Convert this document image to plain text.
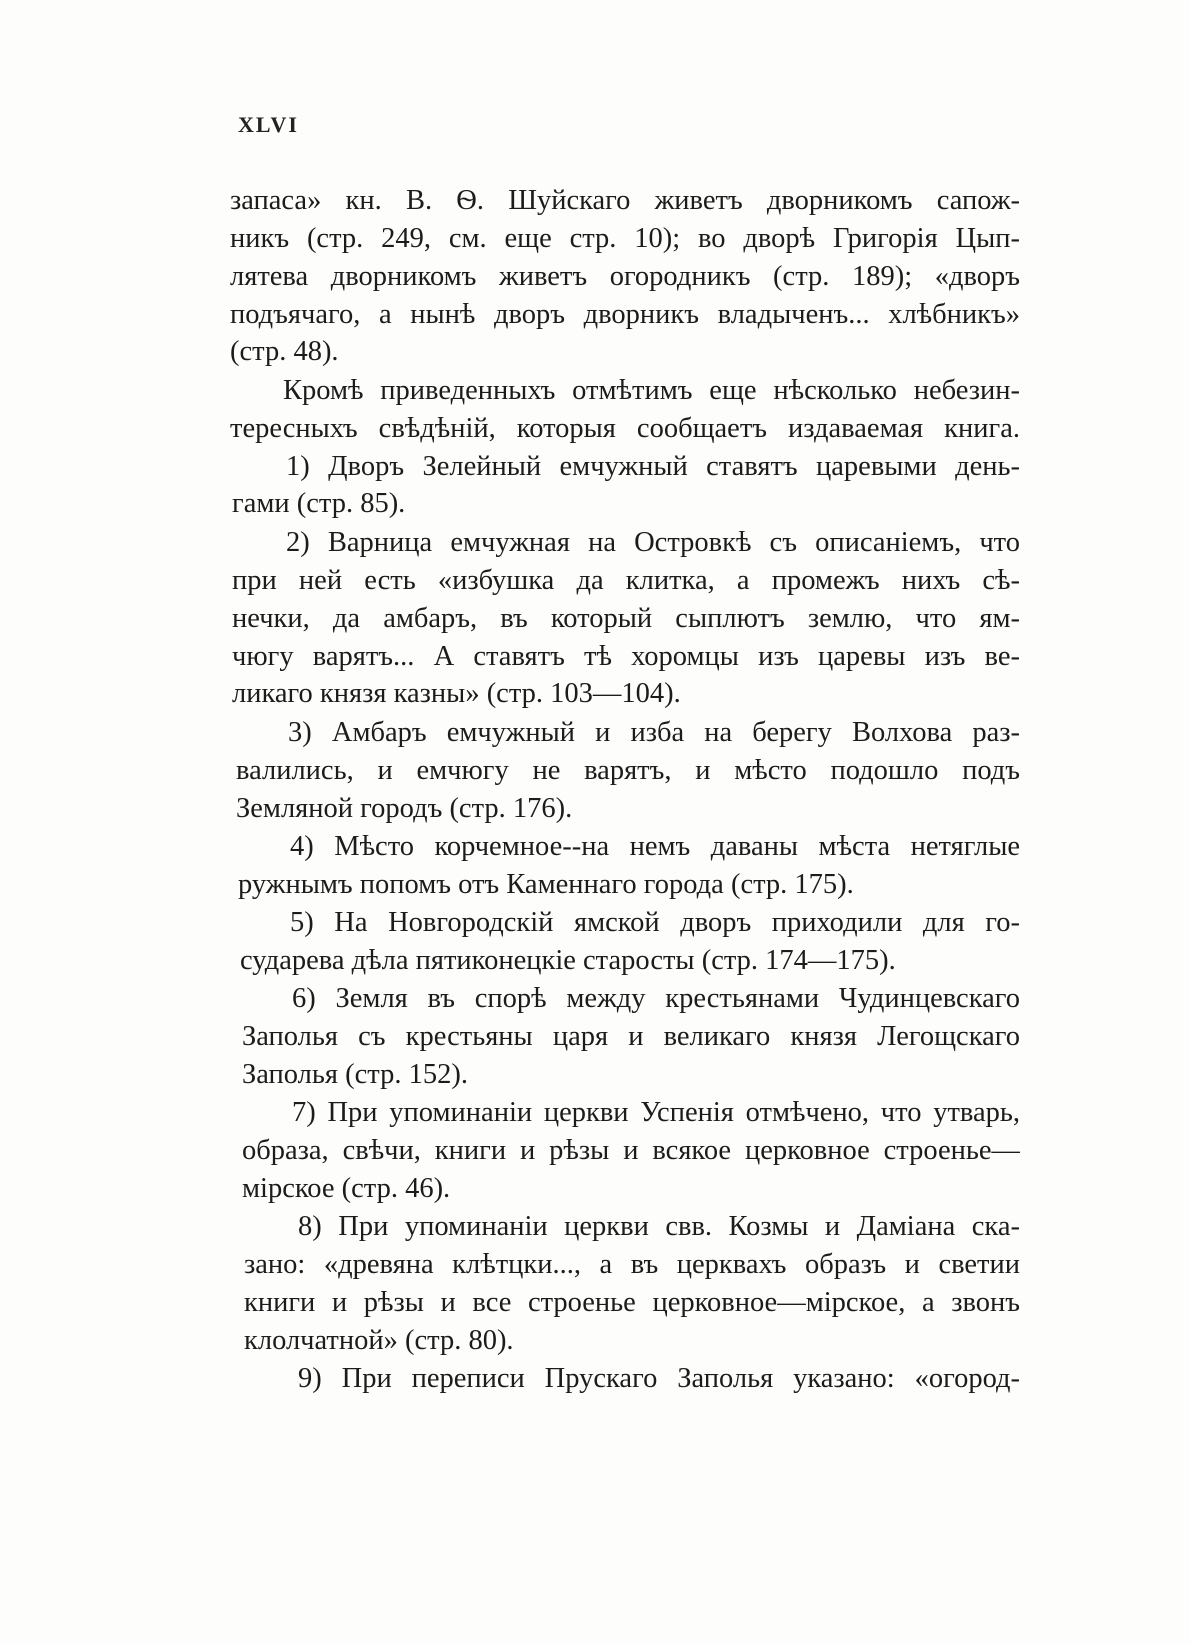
XLVI
запаса» кн. В. Ѳ. Шуйскаго живетъ дворникомъ сапож-
никъ (стр. 249, см. еще стр. 10); во дворѣ Григорія Цып-
лятева дворникомъ живетъ огородникъ (стр. 189); «дворъ
подъячаго, а нынѣ дворъ дворникъ владыченъ... хлѣбникъ»
(стр. 48).
Кромѣ приведенныхъ отмѣтимъ еще нѣсколько небезин-
тересныхъ свѣдѣній, которыя сообщаетъ издаваемая книга.
1) Дворъ Зелейный емчужный ставятъ царевыми день-
гами (стр. 85).
2) Варница емчужная на Островкѣ съ описаніемъ, что
при ней есть «избушка да клитка, а промежъ нихъ сѣ-
нечки, да амбаръ, въ который сыплютъ землю, что ям-
чюгу варятъ... А ставятъ тѣ хоромцы изъ царевы изъ ве-
ликаго князя казны» (стр. 103—104).
3) Амбаръ емчужный и изба на берегу Волхова раз-
валились, и емчюгу не варятъ, и мѣсто подошло подъ
Земляной городъ (стр. 176).
4) Мѣсто корчемное--на немъ даваны мѣста нетяглые
ружнымъ попомъ отъ Каменнаго города (стр. 175).
5) На Новгородскій ямской дворъ приходили для го-
сударева дѣла пятиконецкіе старосты (стр. 174—175).
6) Земля въ спорѣ между крестьянами Чудинцевскаго
Заполья съ крестьяны царя и великаго князя Легощскаго
Заполья (стр. 152).
7) При упоминаніи церкви Успенія отмѣчено, что утварь,
образа, свѣчи, книги и рѣзы и всякое церковное строенье—
мірское (стр. 46).
8) При упоминаніи церкви свв. Козмы и Даміана ска-
зано: «древяна клѣтцки..., а въ церквахъ образъ и светии
книги и рѣзы и все строенье церковное—мірское, а звонъ
клолчатной» (стр. 80).
9) При переписи Прускаго Заполья указано: «огород-
